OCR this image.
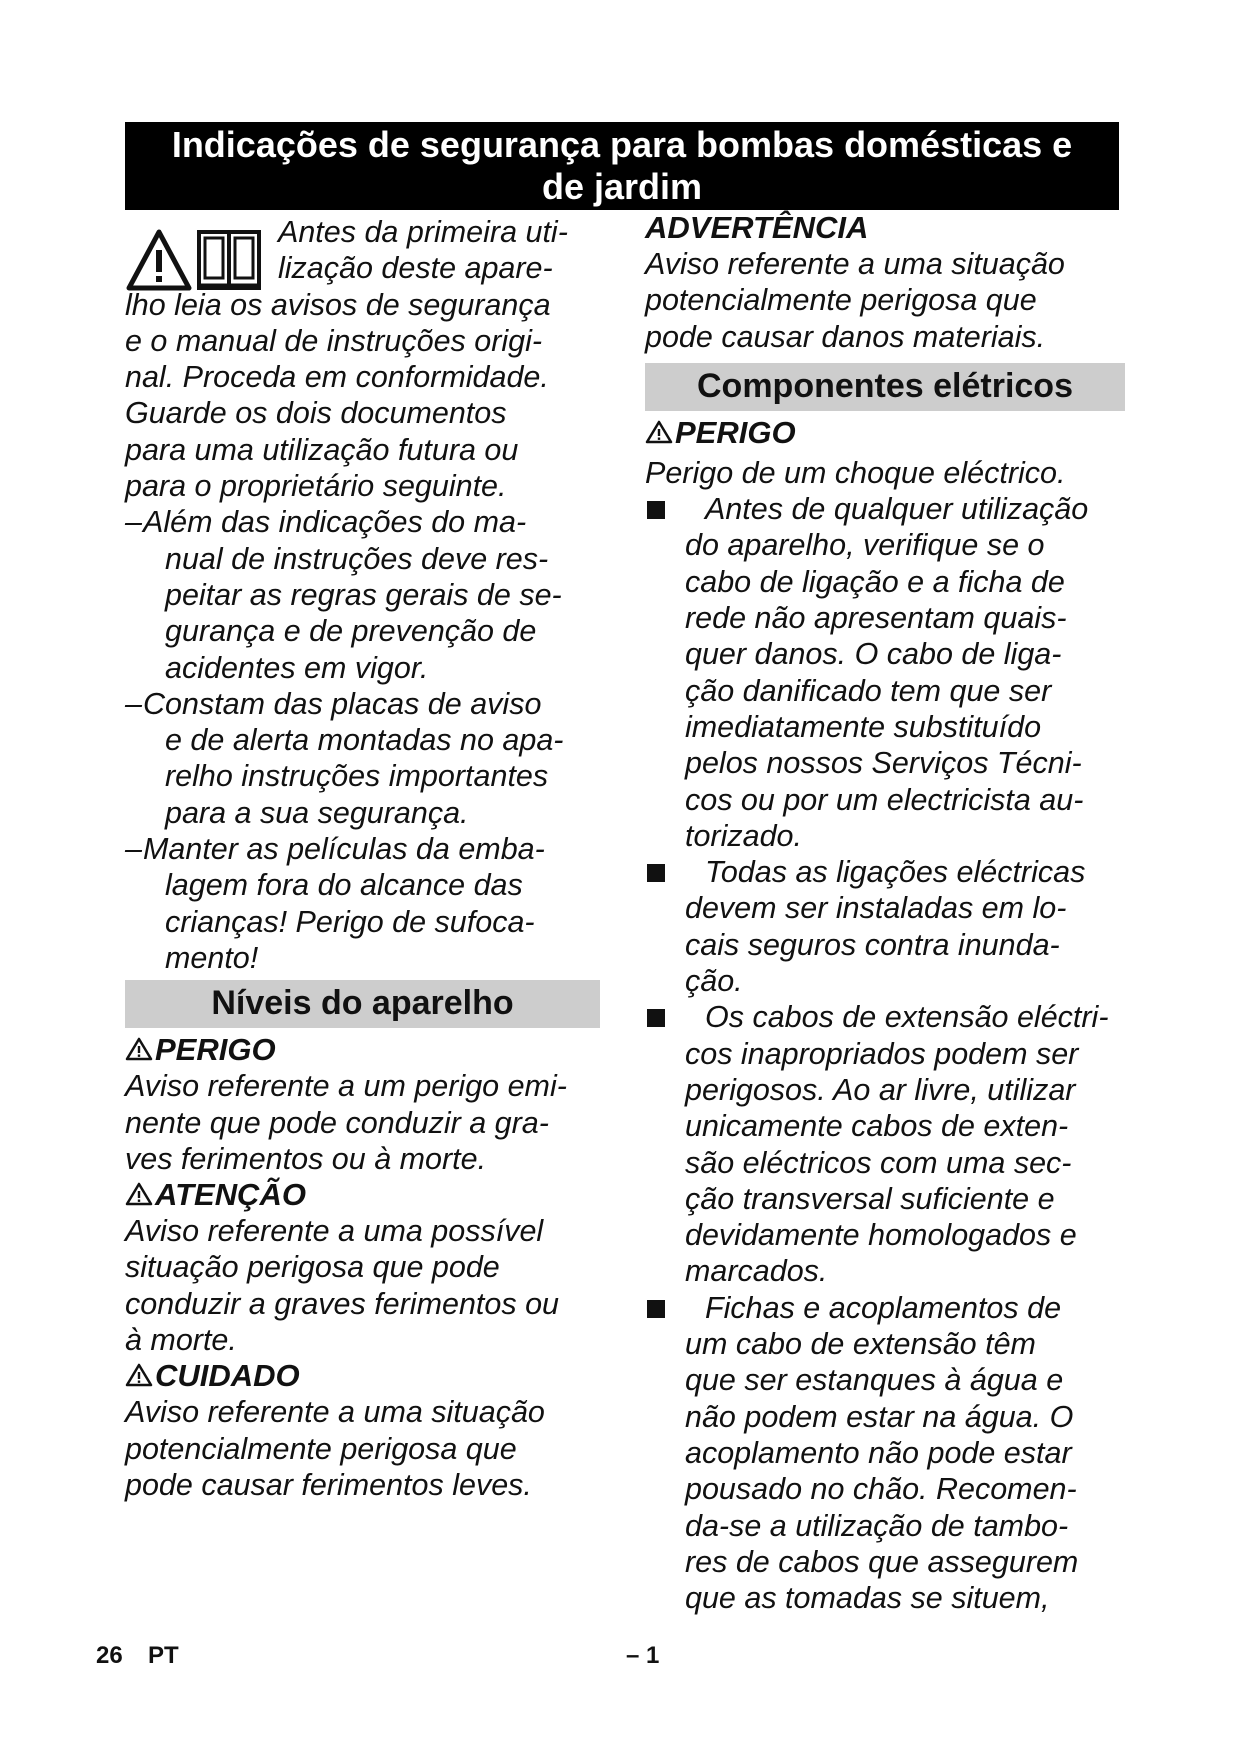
Indicações de segurança para bombas domésticas e
de jardim
Antes da primeira uti-
lização deste apare-
lho leia os avisos de segurança
e o manual de instruções origi-
nal. Proceda em conformidade.
Guarde os dois documentos
para uma utilização futura ou
para o proprietário seguinte.
– Além das indicações do ma-
nual de instruções deve res-
peitar as regras gerais de se-
gurança e de prevenção de
acidentes em vigor.
– Constam das placas de aviso
e de alerta montadas no apa-
relho instruções importantes
para a sua segurança.
– Manter as películas da emba-
lagem fora do alcance das
crianças! Perigo de sufoca-
mento!
Níveis do aparelho
PERIGO
Aviso referente a um perigo emi-
nente que pode conduzir a gra-
ves ferimentos ou à morte.
ATENÇÃO
Aviso referente a uma possível
situação perigosa que pode
conduzir a graves ferimentos ou
à morte.
CUIDADO
Aviso referente a uma situação
potencialmente perigosa que
pode causar ferimentos leves.
ADVERTÊNCIA
Aviso referente a uma situação
potencialmente perigosa que
pode causar danos materiais.
Componentes elétricos
PERIGO
Perigo de um choque eléctrico.
Antes de qualquer utilização
do aparelho, verifique se o
cabo de ligação e a ficha de
rede não apresentam quais-
quer danos. O cabo de liga-
ção danificado tem que ser
imediatamente substituído
pelos nossos Serviços Técni-
cos ou por um electricista au-
torizado.
Todas as ligações eléctricas
devem ser instaladas em lo-
cais seguros contra inunda-
ção.
Os cabos de extensão eléctri-
cos inapropriados podem ser
perigosos. Ao ar livre, utilizar
unicamente cabos de exten-
são eléctricos com uma sec-
ção transversal suficiente e
devidamente homologados e
marcados.
Fichas e acoplamentos de
um cabo de extensão têm
que ser estanques à água e
não podem estar na água. O
acoplamento não pode estar
pousado no chão. Recomen-
da-se a utilização de tambo-
res de cabos que assegurem
que as tomadas se situem,
26 PT	– 1
